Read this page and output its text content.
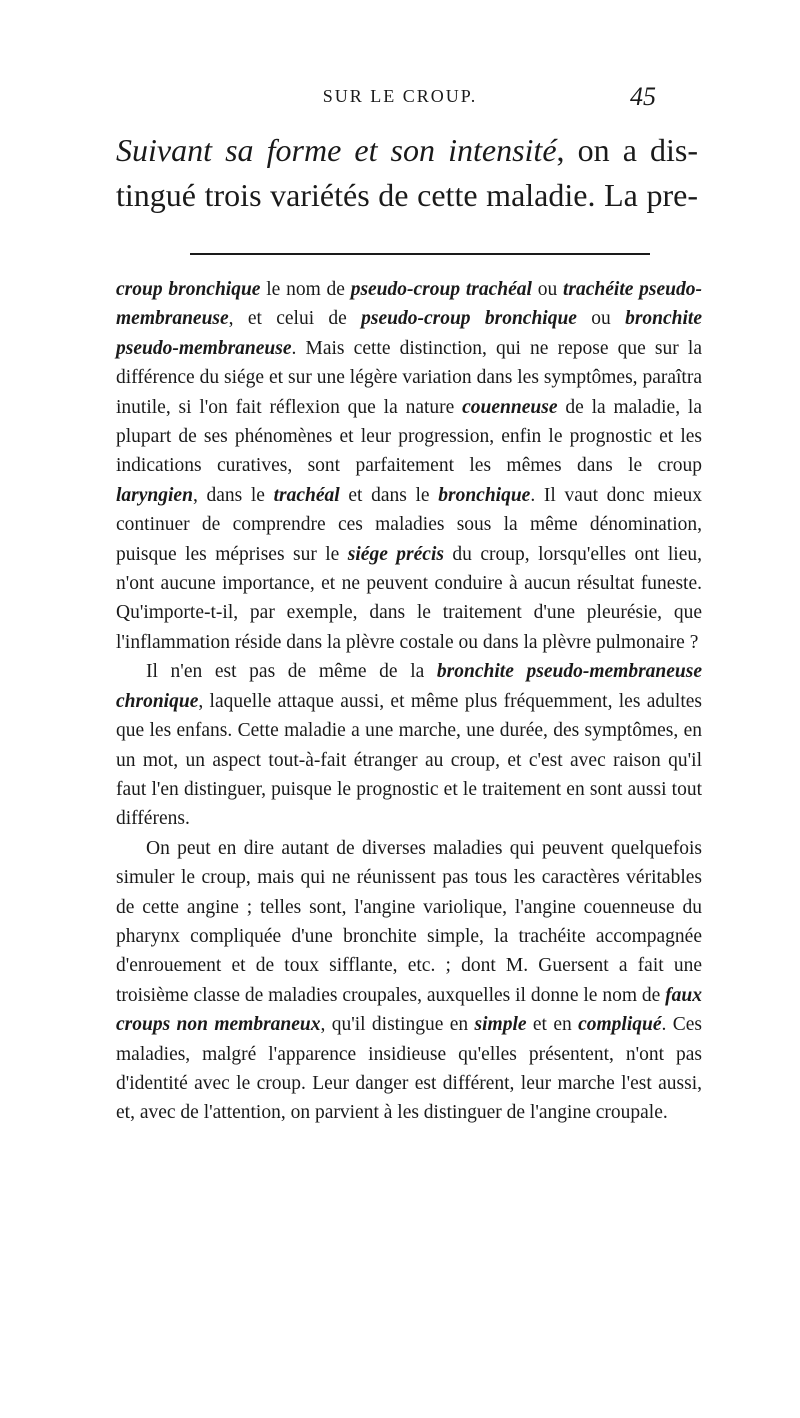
SUR LE CROUP.	45
Suivant sa forme et son intensité, on a dis-
tingué trois variétés de cette maladie. La pre-

croup bronchique le nom de pseudo-croup trachéal ou trachéite pseudo-membraneuse, et celui de pseudo-croup bronchique ou bronchite pseudo-membraneuse. Mais cette distinction, qui ne repose que sur la différence du siége et sur une légère variation dans les symptômes, paraîtra inutile, si l'on fait réflexion que la nature couenneuse de la maladie, la plupart de ses phénomènes et leur progression, enfin le prognostic et les indications curatives, sont parfaitement les mêmes dans le croup laryngien, dans le trachéal et dans le bronchique. Il vaut donc mieux continuer de comprendre ces maladies sous la même dénomination, puisque les méprises sur le siége précis du croup, lorsqu'elles ont lieu, n'ont aucune importance, et ne peuvent conduire à aucun résultat funeste. Qu'importe-t-il, par exemple, dans le traitement d'une pleurésie, que l'inflammation réside dans la plèvre costale ou dans la plèvre pulmonaire ?

Il n'en est pas de même de la bronchite pseudo-membraneuse chronique, laquelle attaque aussi, et même plus fréquemment, les adultes que les enfans. Cette maladie a une marche, une durée, des symptômes, en un mot, un aspect tout-à-fait étranger au croup, et c'est avec raison qu'il faut l'en distinguer, puisque le prognostic et le traitement en sont aussi tout différens.

On peut en dire autant de diverses maladies qui peuvent quelquefois simuler le croup, mais qui ne réunissent pas tous les caractères véritables de cette angine ; telles sont, l'angine variolique, l'angine couenneuse du pharynx compliquée d'une bronchite simple, la trachéite accompagnée d'enrouement et de toux sifflante, etc. ; dont M. Guersent a fait une troisième classe de maladies croupales, auxquelles il donne le nom de faux croups non membraneux, qu'il distingue en simple et en compliqué. Ces maladies, malgré l'apparence insidieuse qu'elles présentent, n'ont pas d'identité avec le croup. Leur danger est différent, leur marche l'est aussi, et, avec de l'attention, on parvient à les distinguer de l'angine croupale.
